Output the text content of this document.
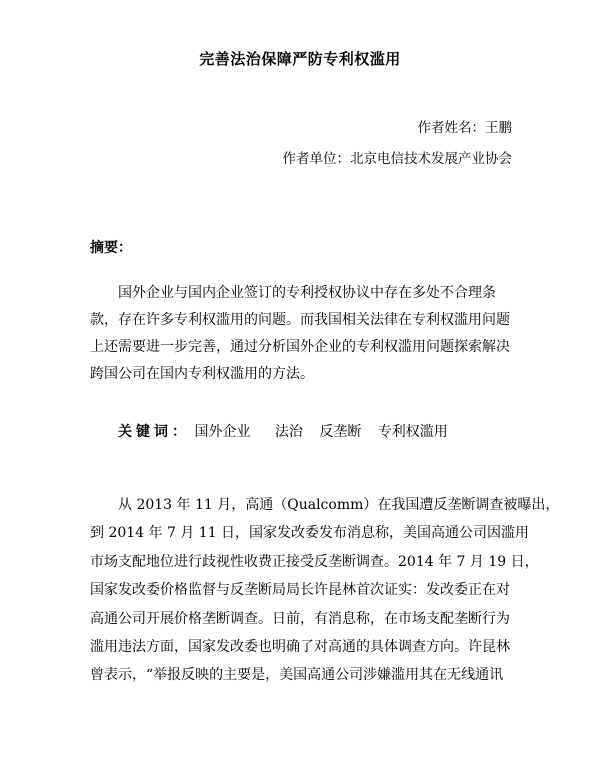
完善法治保障严防专利权滥用
作者姓名：王鹏
作者单位：北京电信技术发展产业协会
摘要：
　　国外企业与国内企业签订的专利授权协议中存在多处不合理条
款，存在许多专利权滥用的问题。而我国相关法律在专利权滥用问题
上还需要进一步完善，通过分析国外企业的专利权滥用问题探索解决
跨国公司在国内专利权滥用的方法。
关键词： 国外企业 法治 反垄断 专利权滥用
　　从 2013 年 11 月，高通（Qualcomm）在我国遭反垄断调查被曝出，
到 2014 年 7 月 11 日，国家发改委发布消息称，美国高通公司因滥用
市场支配地位进行歧视性收费正接受反垄断调查。2014 年 7 月 19 日，
国家发改委价格监督与反垄断局局长许昆林首次证实：发改委正在对
高通公司开展价格垄断调查。日前，有消息称，在市场支配垄断行为
滥用违法方面，国家发改委也明确了对高通的具体调查方向。许昆林
曾表示，“举报反映的主要是，美国高通公司涉嫌滥用其在无线通讯
